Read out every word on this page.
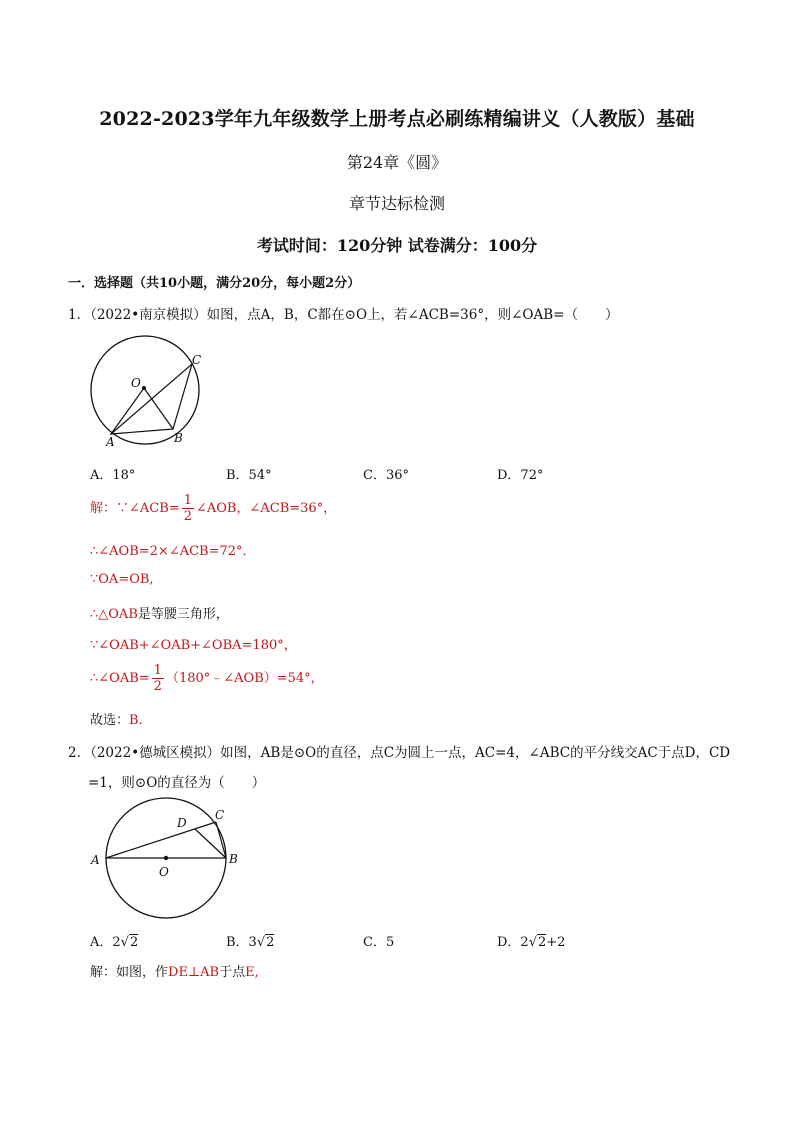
2022-2023学年九年级数学上册考点必刷练精编讲义（人教版）基础
第24章《圆》
章节达标检测
考试时间：120分钟 试卷满分：100分
一．选择题（共10小题，满分20分，每小题2分）
1．（2022•南京模拟）如图，点A，B，C都在⊙O上，若∠ACB=36°，则∠OAB=（　　）
O
A	B
C
A．18°	B．54°	C．36°	D．72°
解：∵∠ACB= $\frac{1}{2}$ ∠AOB，∠ACB=36°，
∴∠AOB=2×∠ACB=72°．
∵OA=OB,
∴△OAB是等腰三角形，
∵∠OAB+∠OAB+∠OBA=180°，
∴∠OAB= $\frac{1}{2}$ （180°﹣∠AOB）=54°，
故选：B.
2．（2022•德城区模拟）如图，AB是⊙O的直径，点C为圆上一点，AC=4，∠ABC的平分线交AC于点D，CD
=1，则⊙O的直径为（　　）
A	B
C
D
O
A．2√2	B．3√2	C．5	D．2√2+2
解：如图，作DE⊥AB于点E,
